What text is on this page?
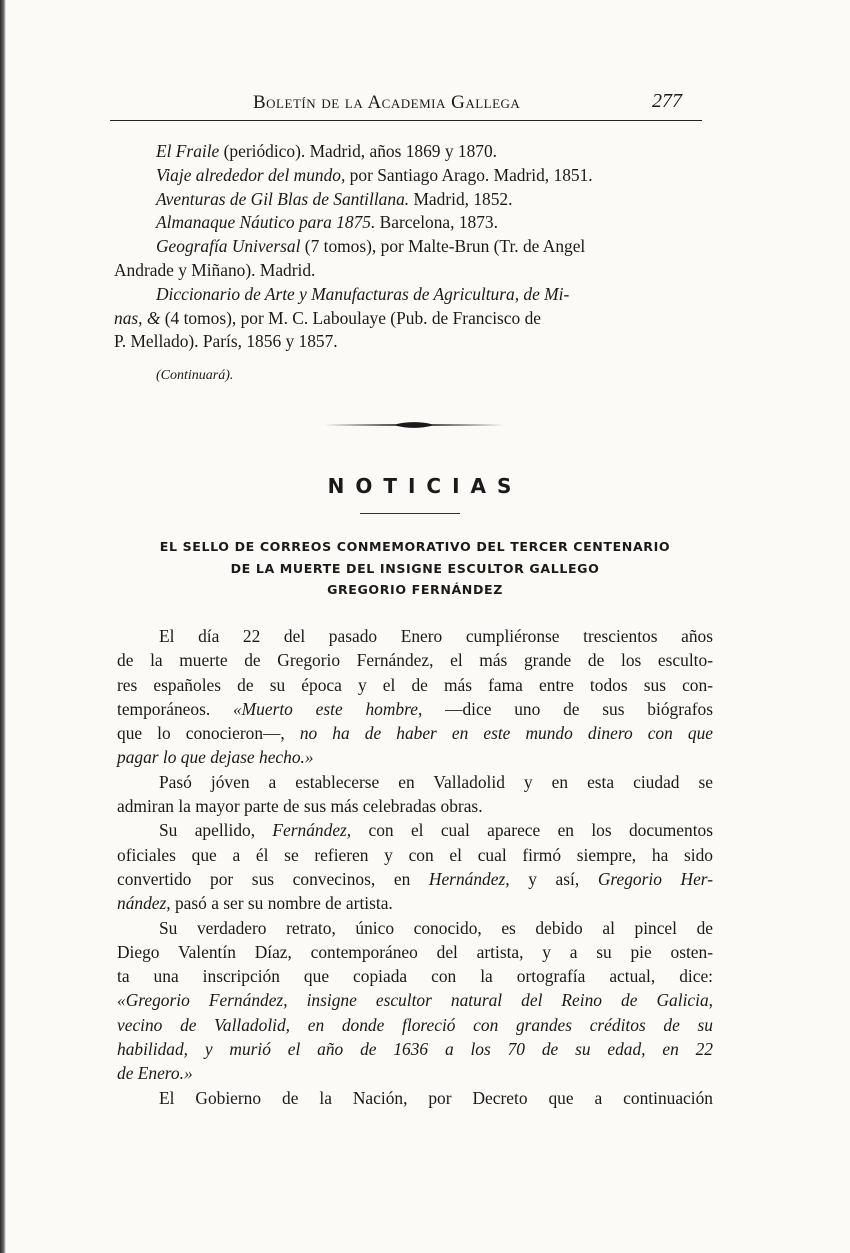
Boletín de la Academia Gallega	277

El Fraile (periódico). Madrid, años 1869 y 1870.

Viaje alrededor del mundo, por Santiago Arago. Madrid, 1851.

Aventuras de Gil Blas de Santillana. Madrid, 1852.

Almanaque Náutico para 1875. Barcelona, 1873.

Geografía Universal (7 tomos), por Malte-Brun (Tr. de Angel

Andrade y Miñano). Madrid.

Diccionario de Arte y Manufacturas de Agricultura, de Mi-

nas, & (4 tomos), por M. C. Laboulaye (Pub. de Francisco de

P. Mellado). París, 1856 y 1857.

(Continuará).
NOTICIAS
EL SELLO DE CORREOS CONMEMORATIVO DEL TERCER CENTENARIO
DE LA MUERTE DEL INSIGNE ESCULTOR GALLEGO
GREGORIO FERNÁNDEZ

El día 22 del pasado Enero cumpliéronse trescientos años

de la muerte de Gregorio Fernández, el más grande de los esculto-

res españoles de su época y el de más fama entre todos sus con-

temporáneos. «Muerto este hombre, —dice uno de sus biógrafos

que lo conocieron—, no ha de haber en este mundo dinero con que

pagar lo que dejase hecho.»

Pasó jóven a establecerse en Valladolid y en esta ciudad se

admiran la mayor parte de sus más celebradas obras.

Su apellido, Fernández, con el cual aparece en los documentos

oficiales que a él se refieren y con el cual firmó siempre, ha sido

convertido por sus convecinos, en Hernández, y así, Gregorio Her-

nández, pasó a ser su nombre de artista.

Su verdadero retrato, único conocido, es debido al pincel de

Diego Valentín Díaz, contemporáneo del artista, y a su pie osten-

ta una inscripción que copiada con la ortografía actual, dice:

«Gregorio Fernández, insigne escultor natural del Reino de Galicia,

vecino de Valladolid, en donde floreció con grandes créditos de su

habilidad, y murió el año de 1636 a los 70 de su edad, en 22

de Enero.»

El Gobierno de la Nación, por Decreto que a continuación
